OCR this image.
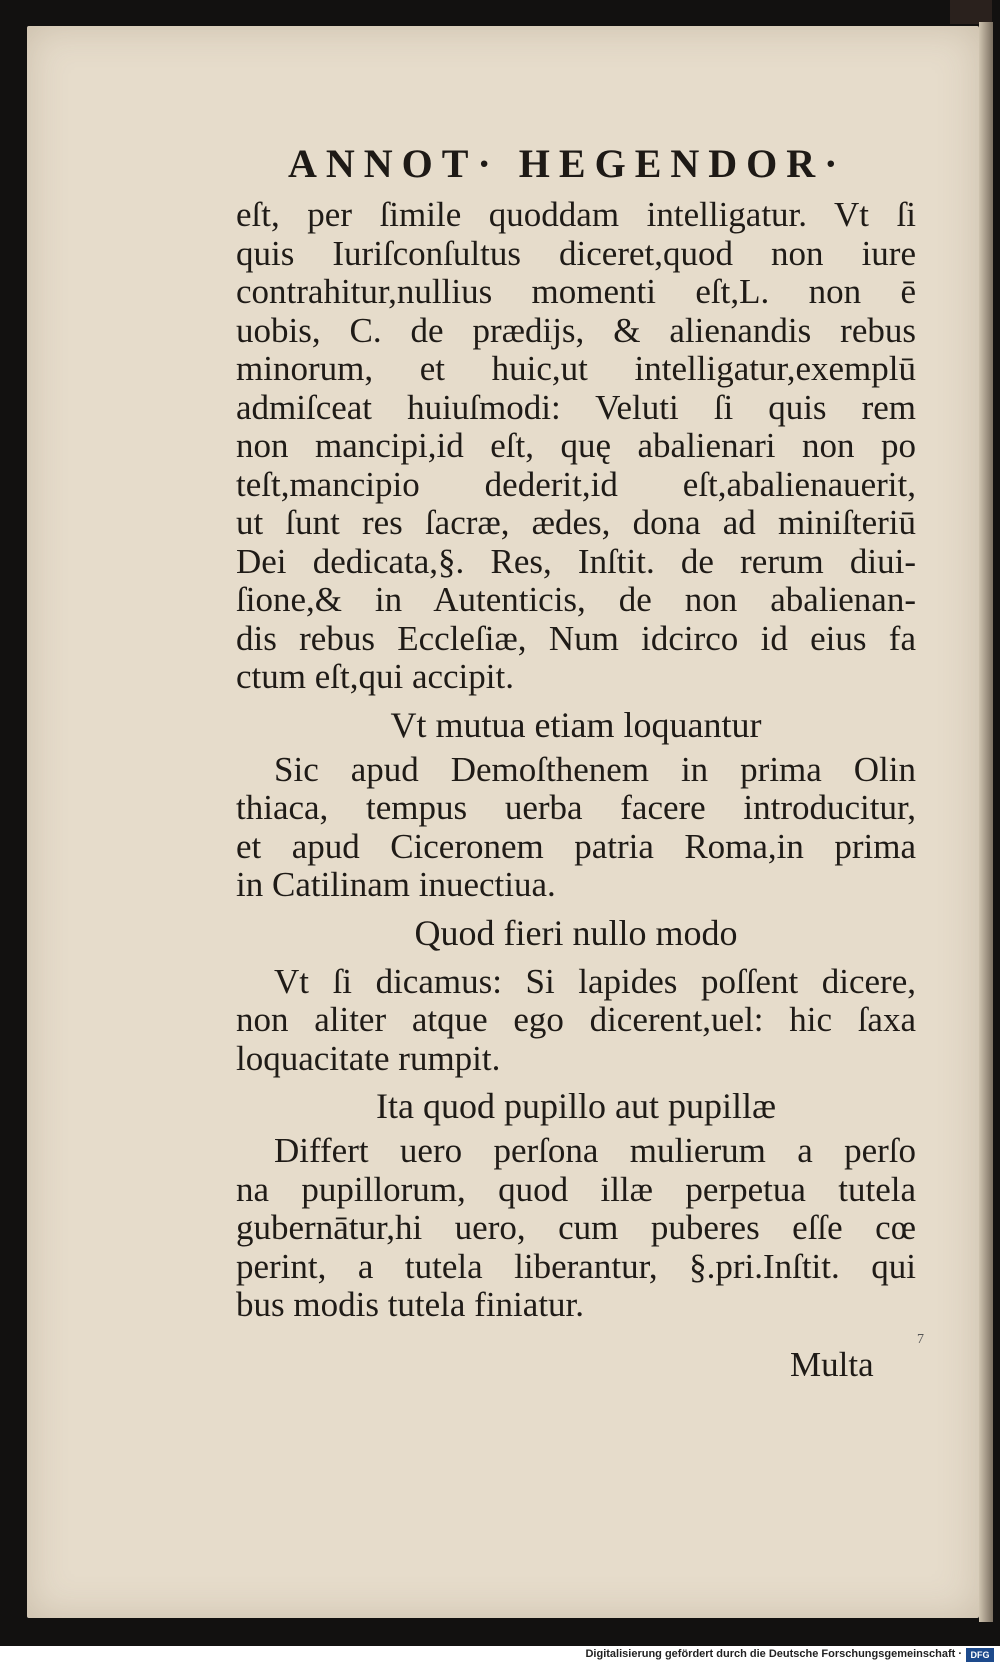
ANNOT· HEGENDOR·
eſt, per ſimile quoddam intelligatur. Vt ſi
quis Iuriſconſultus diceret,quod non iure
contrahitur,nullius momenti eſt,L. non ē
uobis, C. de prædijs, & alienandis rebus
minorum, et huic,ut intelligatur,exemplū
admiſceat huiuſmodi: Veluti ſi quis rem
non mancipi,id eſt, quę abalienari non po
teſt,mancipio dederit,id eſt,abalienauerit,
ut ſunt res ſacræ, ædes, dona ad miniſteriū
Dei dedicata,§. Res, Inſtit. de rerum diui-
ſione,& in Autenticis, de non abalienan-
dis rebus Eccleſiæ, Num idcirco id eius fa
ctum eſt,qui accipit.
Vt mutua etiam loquantur
Sic apud Demoſthenem in prima Olin
thiaca, tempus uerba facere introducitur,
et apud Ciceronem patria Roma,in prima
in Catilinam inuectiua.
Quod fieri nullo modo
Vt ſi dicamus: Si lapides poſſent dicere,
non aliter atque ego dicerent,uel: hic ſaxa
loquacitate rumpit.
Ita quod pupillo aut pupillæ
Differt uero perſona mulierum a perſo
na pupillorum, quod illæ perpetua tutela
gubernātur,hi uero, cum puberes eſſe cœ
perint, a tutela liberantur, §.pri.Inſtit. qui
bus modis tutela finiatur.
Multa
7
Digitalisierung gefördert durch die Deutsche Forschungsgemeinschaft · DFG
